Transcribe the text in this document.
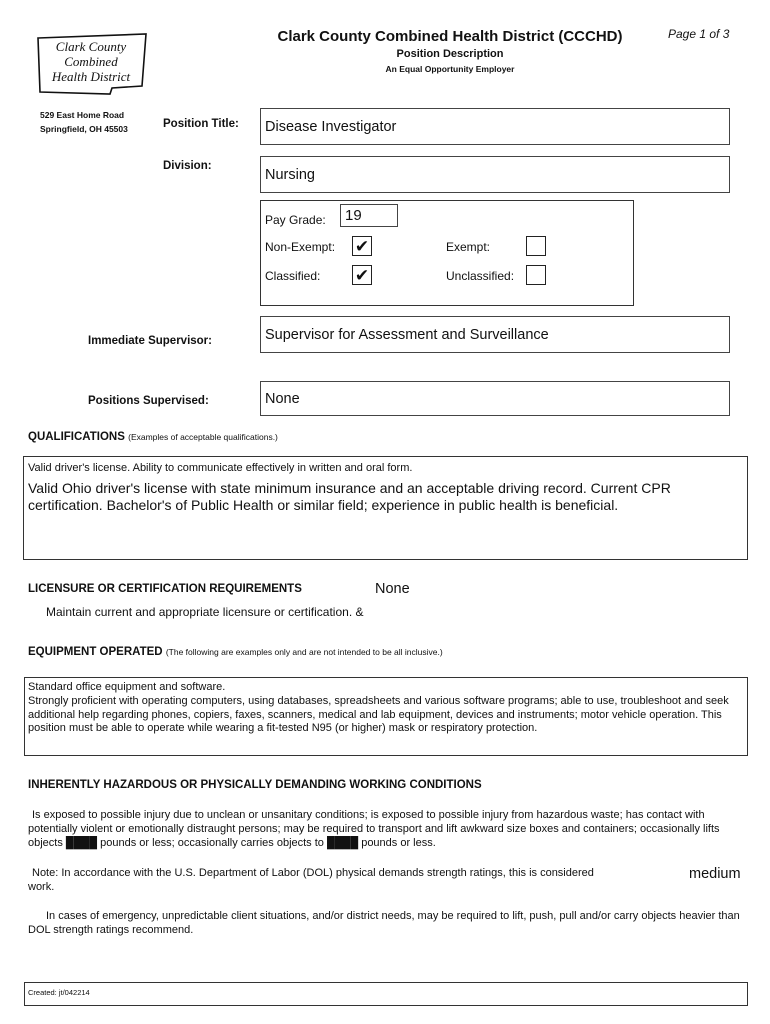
Clark County
Combined
Health District
529 East Home Road
Springfield, OH 45503
Clark County Combined Health District (CCCHD)
Position Description
An Equal Opportunity Employer
Page 1 of 3
Position Title:	Disease Investigator
Division:
Nursing
Pay Grade:	19
Non-Exempt: ✔	Exempt:
Classified: ✔	Unclassified:
Immediate Supervisor:	Supervisor for Assessment and Surveillance
Positions Supervised:	None
QUALIFICATIONS (Examples of acceptable qualifications.)
Valid driver's license. Ability to communicate effectively in written and oral form.
Valid Ohio driver's license with state minimum insurance and an acceptable driving record. Current CPR certification. Bachelor's of Public Health or similar field; experience in public health is beneficial.
LICENSURE OR CERTIFICATION REQUIREMENTS	None
Maintain current and appropriate licensure or certification. &
EQUIPMENT OPERATED (The following are examples only and are not intended to be all inclusive.)
Standard office equipment and software.
Strongly proficient with operating computers, using databases, spreadsheets and various software programs; able to use, troubleshoot and seek additional help regarding phones, copiers, faxes, scanners, medical and lab equipment, devices and instruments; motor vehicle operation. This position must be able to operate while wearing a fit-tested N95 (or higher) mask or respiratory protection.
INHERENTLY HAZARDOUS OR PHYSICALLY DEMANDING WORKING CONDITIONS
Is exposed to possible injury due to unclean or unsanitary conditions; is exposed to possible injury from hazardous waste; has contact with potentially violent or emotionally distraught persons; may be required to transport and lift awkward size boxes and containers; occasionally lifts objects ████ pounds or less; occasionally carries objects to ████ pounds or less.
Note: In accordance with the U.S. Department of Labor (DOL) physical demands strength ratings, this is considered	medium
work.
In cases of emergency, unpredictable client situations, and/or district needs, may be required to lift, push, pull and/or carry objects heavier than DOL strength ratings recommend.
Created: jt/042214
